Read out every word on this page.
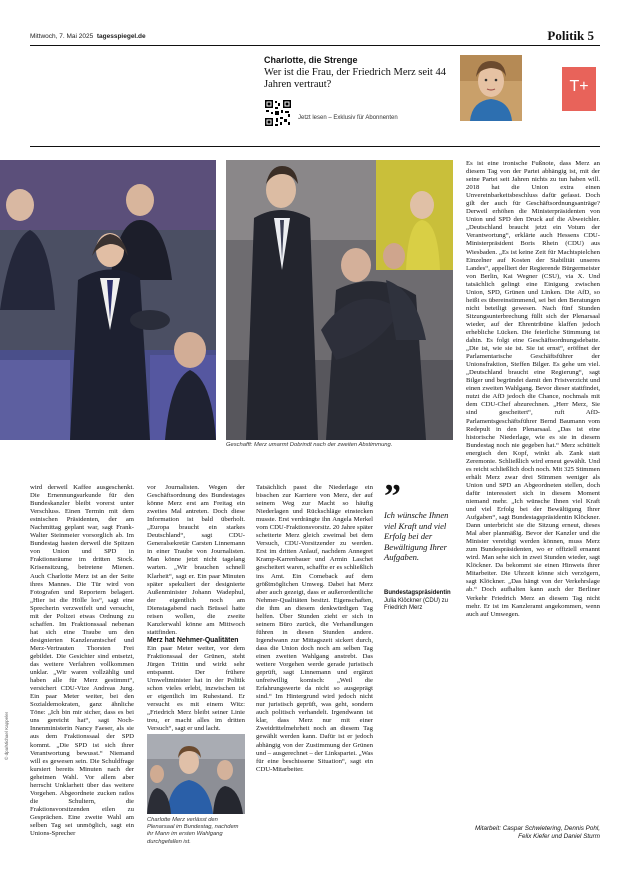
Mittwoch, 7. Mai 2025 tagesspiegel.de	Politik 5
Charlotte, die Strenge
Wer ist die Frau, der Friedrich Merz seit 44 Jahren vertraut?
Jetzt lesen – Exklusiv für Abonnenten
T+
Geschafft: Merz umarmt Dobrindt nach der zweiten Abstimmung.

wird derweil Kaffee ausgeschenkt. Die Ernennungsurkunde für den Bundeskanzler bleibt vorerst unter Verschluss. Einen Termin mit dem estnischen Präsidenten, der am Nachmittag geplant war, sagt Frank-Walter Steinmeier vorsorglich ab. Im Bundestag hasten derweil die Spitzen von Union und SPD in Fraktionsräume im dritten Stock. Krisensitzung, betretene Mienen. Auch Charlotte Merz ist an der Seite ihres Mannes. Die Tür wird von Fotografen und Reportern belagert. „Hier ist die Hölle los“, sagt eine Sprecherin verzweifelt und versucht, mit der Polizei etwas Ordnung zu schaffen. Im Fraktionssaal nebenan hat sich eine Traube um den designierten Kanzleramtschef und Merz-Vertrauten Thorsten Frei gebildet. Die Gesichter sind entsetzt, das weitere Verfahren vollkommen unklar. „Wir waren vollzählig und haben alle für Merz gestimmt“, versichert CDU-Vize Andreas Jung. Ein paar Meter weiter, bei den Sozialdemokraten, ganz ähnliche Töne: „Ich bin mir sicher, dass es bei uns gereicht hat“, sagt Noch-Innenministerin Nancy Faeser, als sie aus dem Fraktionssaal der SPD kommt. „Die SPD ist sich ihrer Verantwortung bewusst.“ Niemand will es gewesen sein. Die Schuldfrage kursiert bereits Minuten nach der geheimen Wahl. Vor allem aber herrscht Unklarheit über das weitere Vorgehen. Abgeordnete zucken ratlos die Schultern, die Fraktionsvorsitzenden eilen zu Gesprächen. Eine zweite Wahl am selben Tag sei unmöglich, sagt ein Unions-Sprecher

vor Journalisten. Wegen der Geschäftsordnung des Bundestages könne Merz erst am Freitag ein zweites Mal antreten. Doch diese Information ist bald überholt. „Europa braucht ein starkes Deutschland“, sagt CDU-Generalsekretär Carsten Linnemann in einer Traube von Journalisten. Man könne jetzt nicht tagelang warten. „Wir brauchen schnell Klarheit“, sagt er. Ein paar Minuten später spekuliert der designierte Außenminister Johann Wadephul, der eigentlich noch am Dienstagabend nach Brüssel hatte reisen wollen, die zweite Kanzlerwahl könne am Mittwoch stattfinden.

Merz hat Nehmer-Qualitäten

Ein paar Meter weiter, vor dem Fraktionssaal der Grünen, steht Jürgen Trittin und wirkt sehr entspannt. Der frühere Umweltminister hat in der Politik schon vieles erlebt, inzwischen ist er eigentlich im Ruhestand. Er versucht es mit einem Witz: „Friedrich Merz bleibt seiner Linie treu, er macht alles im dritten Versuch“, sagt er und lacht.

Charlotte Merz verlässt den Plenarsaal im Bundestag, nachdem ihr Mann im ersten Wahlgang durchgefallen ist.

Tatsächlich passt die Niederlage ein bisschen zur Karriere von Merz, der auf seinem Weg zur Macht so häufig Niederlagen und Rückschläge einstecken musste. Erst verdrängte ihn Angela Merkel vom CDU-Fraktionsvorsitz. 20 Jahre später scheiterte Merz gleich zweimal bei dem Versuch, CDU-Vorsitzender zu werden. Erst im dritten Anlauf, nachdem Annegret Kramp-Karrenbauer und Armin Laschet gescheitert waren, schaffte er es schließlich ins Amt. Ein Comeback auf dem größtmöglichen Umweg. Dabei hat Merz aber auch gezeigt, dass er außerordentliche Nehmer-Qualitäten besitzt. Eigenschaften, die ihm an diesem denkwürdigen Tag helfen. Über Stunden zieht er sich in seinem Büro zurück, die Verhandlungen führen in diesen Stunden andere. Irgendwann zur Mittagszeit sickert durch, dass die Union doch noch am selben Tag einen zweiten Wahlgang anstrebt. Das weitere Vorgehen werde gerade juristisch geprüft, sagt Linnemann und ergänzt unfreiwillig komisch: „Weil die Erfahrungswerte da nicht so ausgeprägt sind.“ Im Hintergrund wird jedoch nicht nur juristisch geprüft, was geht, sondern auch politisch verhandelt. Irgendwann ist klar, dass Merz nur mit einer Zweidrittelmehrheit noch an diesem Tag gewählt werden kann. Dafür ist er jedoch abhängig von der Zustimmung der Grünen und – ausgerechnet – der Linkspartei. „Was für eine beschissene Situation“, sagt ein CDU-Mitarbeiter.

”
Ich wünsche Ihnen viel Kraft und viel Erfolg bei der Bewältigung Ihrer Aufgaben.
Bundestagspräsidentin Julia Klöckner (CDU) zu Friedrich Merz

Es ist eine ironische Fußnote, dass Merz an diesem Tag von der Partei abhängig ist, mit der seine Partei seit Jahren nichts zu tun haben will. 2018 hat die Union extra einen Unvereinbarkeitsbeschluss dafür gefasst. Doch gilt der auch für Geschäftsordnungsanträge? Derweil erhöhen die Ministerpräsidenten von Union und SPD den Druck auf die Abweichler. „Deutschland braucht jetzt ein Votum der Verantwortung“, erklärte auch Hessens CDU-Ministerpräsident Boris Rhein (CDU) aus Wiesbaden. „Es ist keine Zeit für Machtspielchen Einzelner auf Kosten der Stabilität unseres Landes“, appelliert der Regierende Bürgermeister von Berlin, Kai Wegner (CSU), via X. Und tatsächlich gelingt eine Einigung zwischen Union, SPD, Grünen und Linken. Die AfD, so heißt es übereinstimmend, sei bei den Beratungen nicht beteiligt gewesen. Nach fünf Stunden Sitzungsunterbrechung füllt sich der Plenarsaal wieder, auf der Ehrentribüne klaffen jedoch erhebliche Lücken. Die feierliche Stimmung ist dahin. Es folgt eine Geschäftsordnungsdebatte. „Die ist, wie sie ist. Sie ist ernst“, eröffnet der Parlamentarische Geschäftsführer der Unionsfraktion, Steffen Bilger. Es gehe um viel. „Deutschland braucht eine Regierung“, sagt Bilger und begründet damit den Fristverzicht und einen zweiten Wahlgang. Bevor dieser stattfindet, nutzt die AfD jedoch die Chance, nochmals mit dem CDU-Chef abzurechnen. „Herr Merz, Sie sind gescheitert“, ruft AfD-Parlamentsgeschäftsführer Bernd Baumann vom Redepult in den Plenarsaal. „Das ist eine historische Niederlage, wie es sie in diesem Bundestag noch nie gegeben hat.“ Merz schüttelt energisch den Kopf, winkt ab. Zank statt Zeremonie. Schließlich wird erneut gewählt. Und es reicht schließlich doch noch. Mit 325 Stimmen erhält Merz zwar drei Stimmen weniger als Union und SPD an Abgeordneten stellen, doch dafür interessiert sich in diesem Moment niemand mehr. „Ich wünsche Ihnen viel Kraft und viel Erfolg bei der Bewältigung Ihrer Aufgaben“, sagt Bundestagspräsidentin Klöckner. Dann unterbricht sie die Sitzung erneut, dieses Mal aber planmäßig. Bevor der Kanzler und die Minister vereidigt werden können, muss Merz zum Bundespräsidenten, wo er offiziell ernannt wird. Man sehe sich in zwei Stunden wieder, sagt Klöckner. Da bekommt sie einen Hinweis ihrer Mitarbeiter. Die Uhrzeit könne sich verzögern, sagt Klöckner. „Das hängt von der Verkehrslage ab.“ Doch aufhalten kann auch der Berliner Verkehr Friedrich Merz an diesem Tag nicht mehr. Er ist im Kanzleramt angekommen, wenn auch auf Umwegen.

Mitarbeit: Caspar Schwietering, Dennis Pohl, Felix Kiefer und Daniel Sturm
© dpa/Michael Kappeler
